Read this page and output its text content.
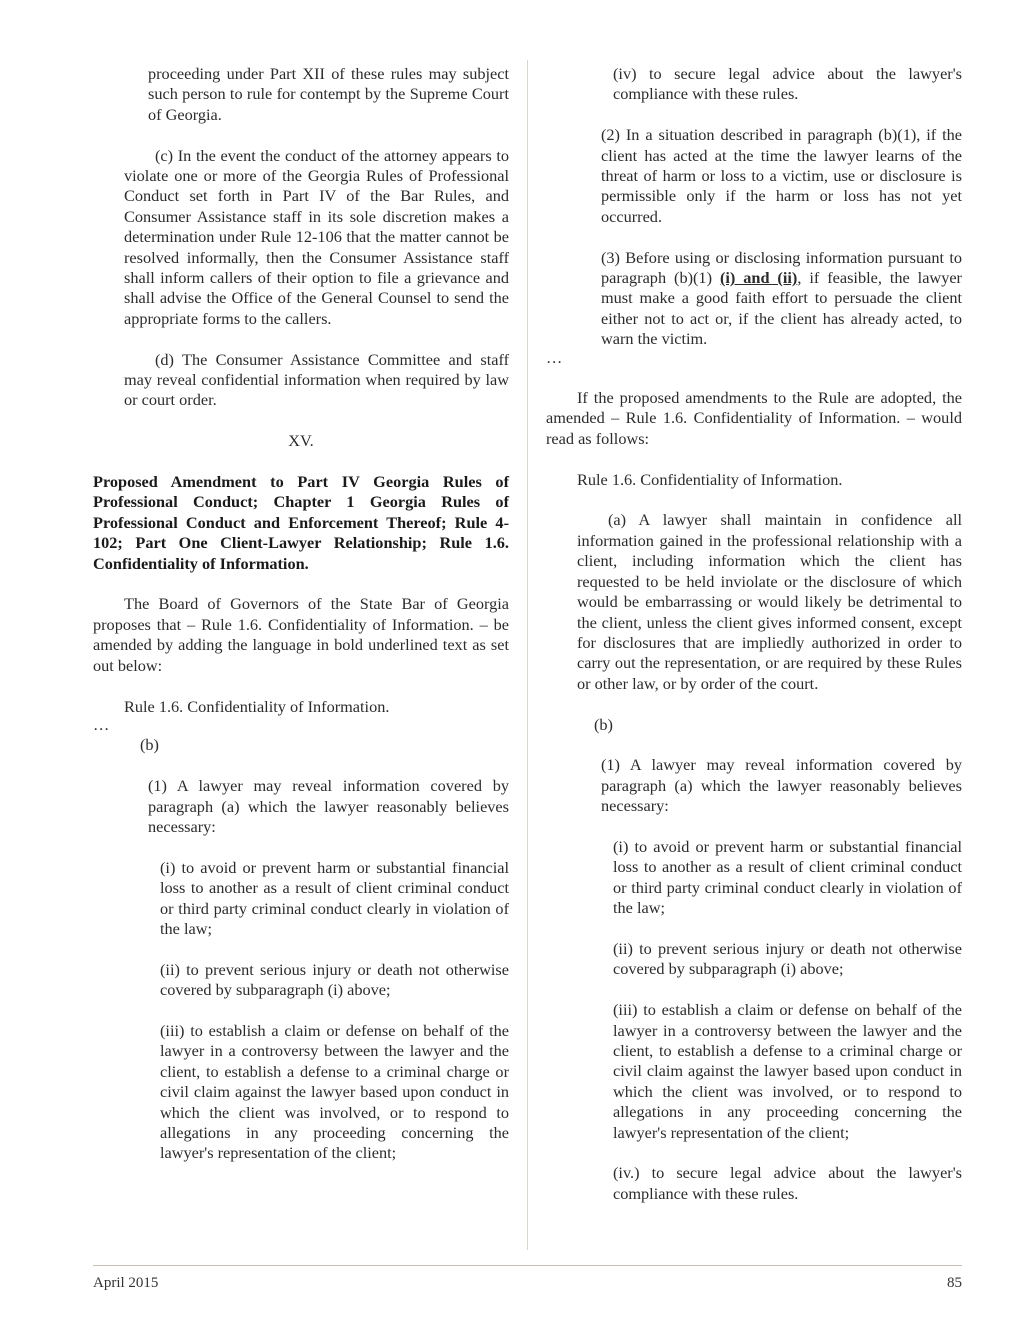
proceeding under Part XII of these rules may subject such person to rule for contempt by the Supreme Court of Georgia.

(c) In the event the conduct of the attorney appears to violate one or more of the Georgia Rules of Professional Conduct set forth in Part IV of the Bar Rules, and Consumer Assistance staff in its sole discretion makes a determination under Rule 12-106 that the matter cannot be resolved informally, then the Consumer Assistance staff shall inform callers of their option to file a grievance and shall advise the Office of the General Counsel to send the appropriate forms to the callers.

(d) The Consumer Assistance Committee and staff may reveal confidential information when required by law or court order.

XV.

Proposed Amendment to Part IV Georgia Rules of Professional Conduct; Chapter 1 Georgia Rules of Professional Conduct and Enforcement Thereof; Rule 4-102; Part One Client-Lawyer Relationship; Rule 1.6. Confidentiality of Information.

The Board of Governors of the State Bar of Georgia proposes that – Rule 1.6. Confidentiality of Information. – be amended by adding the language in bold underlined text as set out below:

Rule 1.6. Confidentiality of Information.

…

(b)

(1) A lawyer may reveal information covered by paragraph (a) which the lawyer reasonably believes necessary:

(i) to avoid or prevent harm or substantial financial loss to another as a result of client criminal conduct or third party criminal conduct clearly in violation of the law;

(ii) to prevent serious injury or death not otherwise covered by subparagraph (i) above;

(iii) to establish a claim or defense on behalf of the lawyer in a controversy between the lawyer and the client, to establish a defense to a criminal charge or civil claim against the lawyer based upon conduct in which the client was involved, or to respond to allegations in any proceeding concerning the lawyer's representation of the client;

(iv) to secure legal advice about the lawyer's compliance with these rules.

(2) In a situation described in paragraph (b)(1), if the client has acted at the time the lawyer learns of the threat of harm or loss to a victim, use or disclosure is permissible only if the harm or loss has not yet occurred.

(3) Before using or disclosing information pursuant to paragraph (b)(1) (i) and (ii), if feasible, the lawyer must make a good faith effort to persuade the client either not to act or, if the client has already acted, to warn the victim.

…

If the proposed amendments to the Rule are adopted, the amended – Rule 1.6. Confidentiality of Information. – would read as follows:

Rule 1.6. Confidentiality of Information.

(a) A lawyer shall maintain in confidence all information gained in the professional relationship with a client, including information which the client has requested to be held inviolate or the disclosure of which would be embarrassing or would likely be detrimental to the client, unless the client gives informed consent, except for disclosures that are impliedly authorized in order to carry out the representation, or are required by these Rules or other law, or by order of the court.

(b)

(1) A lawyer may reveal information covered by paragraph (a) which the lawyer reasonably believes necessary:

(i) to avoid or prevent harm or substantial financial loss to another as a result of client criminal conduct or third party criminal conduct clearly in violation of the law;

(ii) to prevent serious injury or death not otherwise covered by subparagraph (i) above;

(iii) to establish a claim or defense on behalf of the lawyer in a controversy between the lawyer and the client, to establish a defense to a criminal charge or civil claim against the lawyer based upon conduct in which the client was involved, or to respond to allegations in any proceeding concerning the lawyer's representation of the client;

(iv.) to secure legal advice about the lawyer's compliance with these rules.

April 2015	85
